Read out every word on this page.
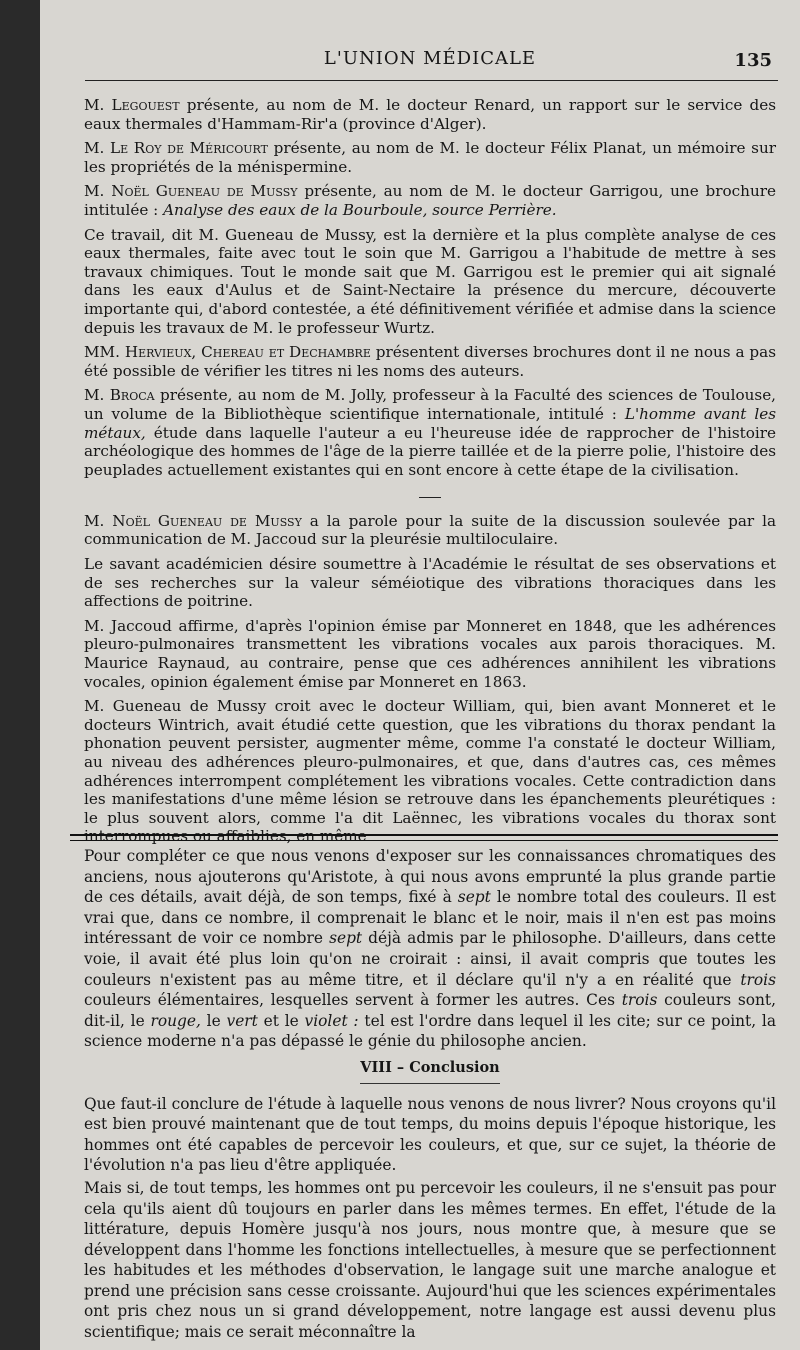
L'UNION MÉDICALE	135

M. Legouest présente, au nom de M. le docteur Renard, un rapport sur le service des eaux thermales d'Hammam-Rir'a (province d'Alger).

M. Le Roy de Méricourt présente, au nom de M. le docteur Félix Planat, un mémoire sur les propriétés de la ménispermine.

M. Noël Gueneau de Mussy présente, au nom de M. le docteur Garrigou, une brochure intitulée : Analyse des eaux de la Bourboule, source Perrière.

Ce travail, dit M. Gueneau de Mussy, est la dernière et la plus complète analyse de ces eaux thermales, faite avec tout le soin que M. Garrigou a l'habitude de mettre à ses travaux chimiques. Tout le monde sait que M. Garrigou est le premier qui ait signalé dans les eaux d'Aulus et de Saint-Nectaire la présence du mercure, découverte importante qui, d'abord contestée, a été définitivement vérifiée et admise dans la science depuis les travaux de M. le professeur Wurtz.

MM. Hervieux, Chereau et Dechambre présentent diverses brochures dont il ne nous a pas été possible de vérifier les titres ni les noms des auteurs.

M. Broca présente, au nom de M. Jolly, professeur à la Faculté des sciences de Toulouse, un volume de la Bibliothèque scientifique internationale, intitulé : L'homme avant les métaux, étude dans laquelle l'auteur a eu l'heureuse idée de rapprocher de l'histoire archéologique des hommes de l'âge de la pierre taillée et de la pierre polie, l'histoire des peuplades actuellement existantes qui en sont encore à cette étape de la civilisation.

M. Noël Gueneau de Mussy a la parole pour la suite de la discussion soulevée par la communication de M. Jaccoud sur la pleurésie multiloculaire.

Le savant académicien désire soumettre à l'Académie le résultat de ses observations et de ses recherches sur la valeur séméiotique des vibrations thoraciques dans les affections de poitrine.

M. Jaccoud affirme, d'après l'opinion émise par Monneret en 1848, que les adhérences pleuro-pulmonaires transmettent les vibrations vocales aux parois thoraciques. M. Maurice Raynaud, au contraire, pense que ces adhérences annihilent les vibrations vocales, opinion également émise par Monneret en 1863.

M. Gueneau de Mussy croit avec le docteur William, qui, bien avant Monneret et le docteurs Wintrich, avait étudié cette question, que les vibrations du thorax pendant la phonation peuvent persister, augmenter même, comme l'a constaté le docteur William, au niveau des adhérences pleuro-pulmonaires, et que, dans d'autres cas, ces mêmes adhérences interrompent complétement les vibrations vocales. Cette contradiction dans les manifestations d'une même lésion se retrouve dans les épanchements pleurétiques : le plus souvent alors, comme l'a dit Laënnec, les vibrations vocales du thorax sont interrompues ou affaiblies, en même

Pour compléter ce que nous venons d'exposer sur les connaissances chromatiques des anciens, nous ajouterons qu'Aristote, à qui nous avons emprunté la plus grande partie de ces détails, avait déjà, de son temps, fixé à sept le nombre total des couleurs. Il est vrai que, dans ce nombre, il comprenait le blanc et le noir, mais il n'en est pas moins intéressant de voir ce nombre sept déjà admis par le philosophe. D'ailleurs, dans cette voie, il avait été plus loin qu'on ne croirait : ainsi, il avait compris que toutes les couleurs n'existent pas au même titre, et il déclare qu'il n'y a en réalité que trois couleurs élémentaires, lesquelles servent à former les autres. Ces trois couleurs sont, dit-il, le rouge, le vert et le violet : tel est l'ordre dans lequel il les cite; sur ce point, la science moderne n'a pas dépassé le génie du philosophe ancien.

VIII – Conclusion

Que faut-il conclure de l'étude à laquelle nous venons de nous livrer? Nous croyons qu'il est bien prouvé maintenant que de tout temps, du moins depuis l'époque historique, les hommes ont été capables de percevoir les couleurs, et que, sur ce sujet, la théorie de l'évolution n'a pas lieu d'être appliquée.

Mais si, de tout temps, les hommes ont pu percevoir les couleurs, il ne s'ensuit pas pour cela qu'ils aient dû toujours en parler dans les mêmes termes. En effet, l'étude de la littérature, depuis Homère jusqu'à nos jours, nous montre que, à mesure que se développent dans l'homme les fonctions intellectuelles, à mesure que se perfectionnent les habitudes et les méthodes d'observation, le langage suit une marche analogue et prend une précision sans cesse croissante. Aujourd'hui que les sciences expérimentales ont pris chez nous un si grand développement, notre langage est aussi devenu plus scientifique; mais ce serait méconnaître la
